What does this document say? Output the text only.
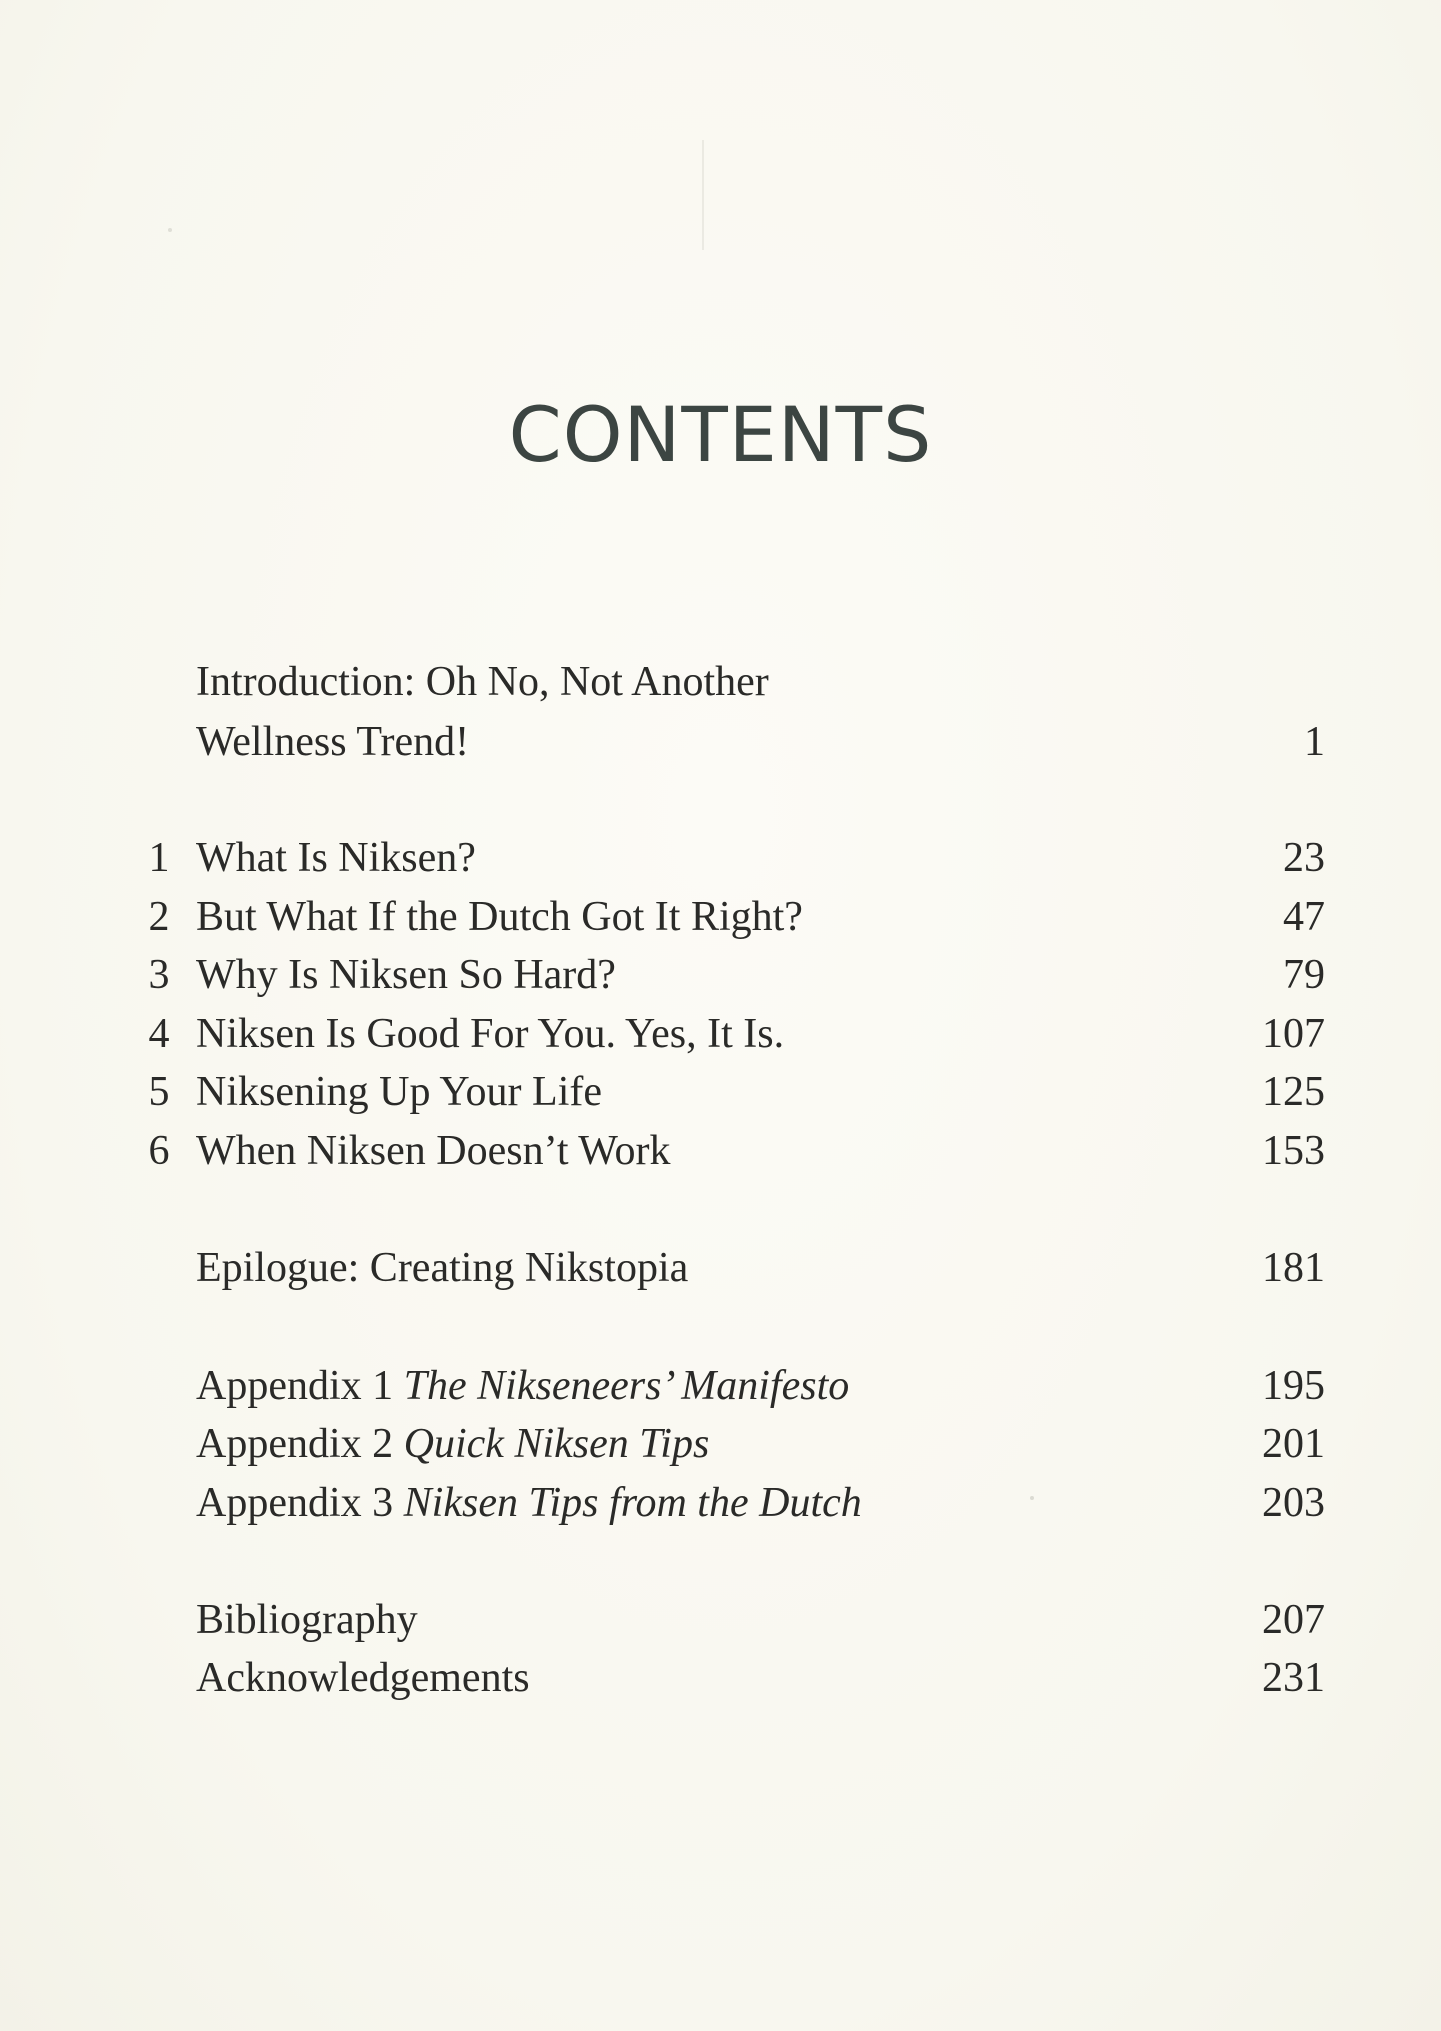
CONTENTS
Introduction: Oh No, Not Another
Wellness Trend!	1
1 What Is Niksen?	23
2 But What If the Dutch Got It Right?	47
3 Why Is Niksen So Hard?	79
4 Niksen Is Good For You. Yes, It Is.	107
5 Niksening Up Your Life	125
6 When Niksen Doesn’t Work	153
Epilogue: Creating Nikstopia	181
Appendix 1 The Nikseneers’ Manifesto	195
Appendix 2 Quick Niksen Tips	201
Appendix 3 Niksen Tips from the Dutch	203
Bibliography	207
Acknowledgements	231
